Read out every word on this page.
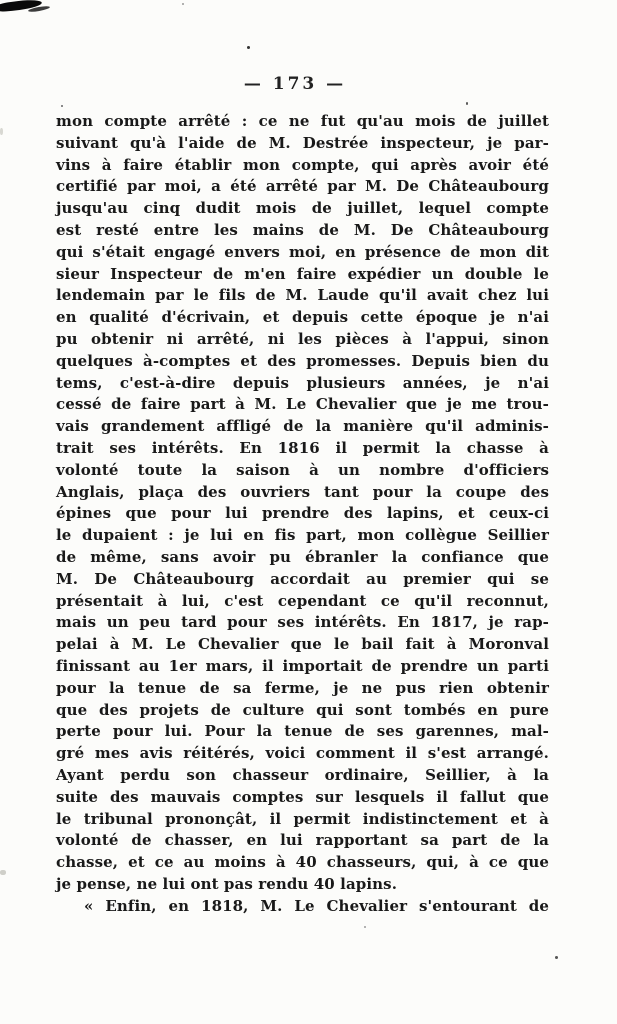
— 173 —
mon compte arrêté : ce ne fut qu'au mois de juillet
suivant qu'à l'aide de M. Destrée inspecteur, je par-
vins à faire établir mon compte, qui après avoir été
certifié par moi, a été arrêté par M. De Châteaubourg
jusqu'au cinq dudit mois de juillet, lequel compte
est resté entre les mains de M. De Châteaubourg
qui s'était engagé envers moi, en présence de mon dit
sieur Inspecteur de m'en faire expédier un double le
lendemain par le fils de M. Laude qu'il avait chez lui
en qualité d'écrivain, et depuis cette époque je n'ai
pu obtenir ni arrêté, ni les pièces à l'appui, sinon
quelques à-comptes et des promesses. Depuis bien du
tems, c'est-à-dire depuis plusieurs années, je n'ai
cessé de faire part à M. Le Chevalier que je me trou-
vais grandement affligé de la manière qu'il adminis-
trait ses intérêts. En 1816 il permit la chasse à
volonté toute la saison à un nombre d'officiers
Anglais, plaça des ouvriers tant pour la coupe des
épines que pour lui prendre des lapins, et ceux-ci
le dupaient : je lui en fis part, mon collègue Seillier
de même, sans avoir pu ébranler la confiance que
M. De Châteaubourg accordait au premier qui se
présentait à lui, c'est cependant ce qu'il reconnut,
mais un peu tard pour ses intérêts. En 1817, je rap-
pelai à M. Le Chevalier que le bail fait à Moronval
finissant au 1er mars, il importait de prendre un parti
pour la tenue de sa ferme, je ne pus rien obtenir
que des projets de culture qui sont tombés en pure
perte pour lui. Pour la tenue de ses garennes, mal-
gré mes avis réitérés, voici comment il s'est arrangé.
Ayant perdu son chasseur ordinaire, Seillier, à la
suite des mauvais comptes sur lesquels il fallut que
le tribunal prononçât, il permit indistinctement et à
volonté de chasser, en lui rapportant sa part de la
chasse, et ce au moins à 40 chasseurs, qui, à ce que
je pense, ne lui ont pas rendu 40 lapins.
« Enfin, en 1818, M. Le Chevalier s'entourant de
